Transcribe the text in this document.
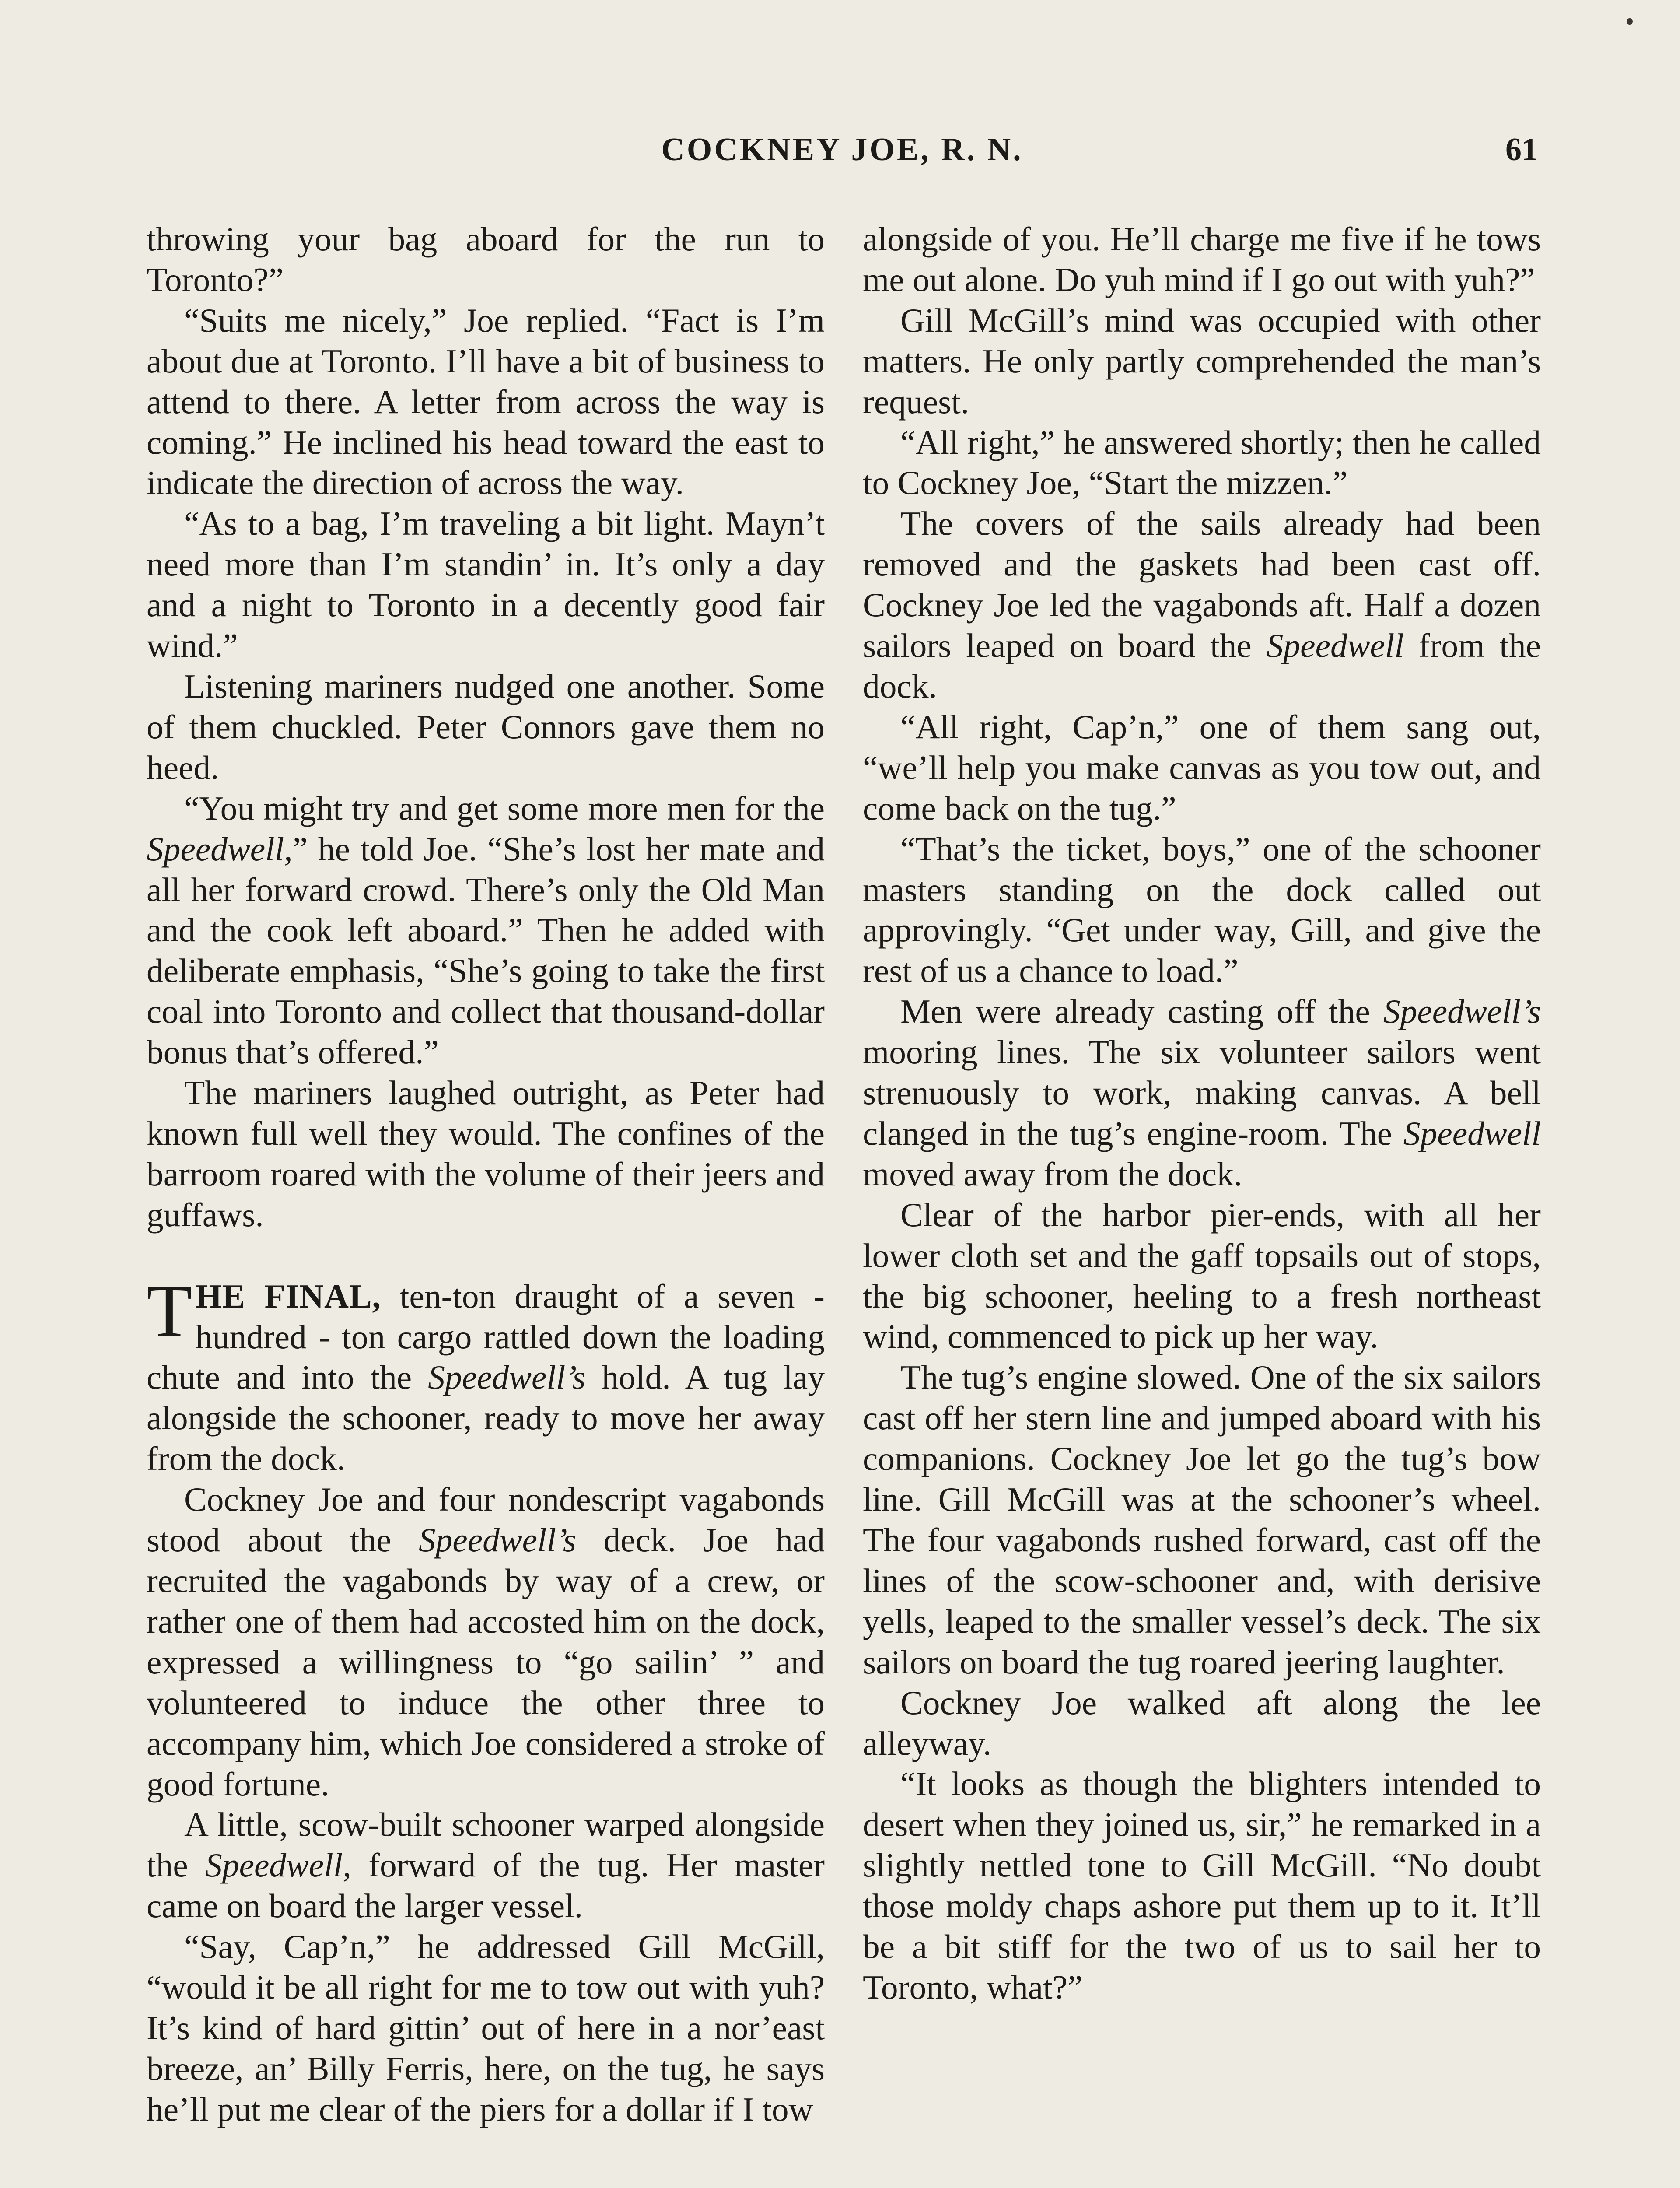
COCKNEY JOE, R. N.	61

throwing your bag aboard for the run to Toronto?”

“Suits me nicely,” Joe replied. “Fact is I’m about due at Toronto. I’ll have a bit of business to attend to there. A letter from across the way is coming.” He inclined his head toward the east to indicate the direction of across the way.

“As to a bag, I’m traveling a bit light. Mayn’t need more than I’m standin’ in. It’s only a day and a night to Toronto in a decently good fair wind.”

Listening mariners nudged one another. Some of them chuckled. Peter Connors gave them no heed.

“You might try and get some more men for the Speedwell,” he told Joe. “She’s lost her mate and all her forward crowd. There’s only the Old Man and the cook left aboard.” Then he added with deliberate emphasis, “She’s going to take the first coal into Toronto and collect that thousand-dollar bonus that’s offered.”

The mariners laughed outright, as Peter had known full well they would. The confines of the barroom roared with the volume of their jeers and guffaws.

THE FINAL, ten-ton draught of a seven - hundred - ton cargo rattled down the loading chute and into the Speedwell’s hold. A tug lay alongside the schooner, ready to move her away from the dock.

Cockney Joe and four nondescript vagabonds stood about the Speedwell’s deck. Joe had recruited the vagabonds by way of a crew, or rather one of them had accosted him on the dock, expressed a willingness to “go sailin’ ” and volunteered to induce the other three to accompany him, which Joe considered a stroke of good fortune.

A little, scow-built schooner warped alongside the Speedwell, forward of the tug. Her master came on board the larger vessel.

“Say, Cap’n,” he addressed Gill McGill, “would it be all right for me to tow out with yuh? It’s kind of hard gittin’ out of here in a nor’east breeze, an’ Billy Ferris, here, on the tug, he says he’ll put me clear of the piers for a dollar if I tow

alongside of you. He’ll charge me five if he tows me out alone. Do yuh mind if I go out with yuh?”

Gill McGill’s mind was occupied with other matters. He only partly comprehended the man’s request.

“All right,” he answered shortly; then he called to Cockney Joe, “Start the mizzen.”

The covers of the sails already had been removed and the gaskets had been cast off. Cockney Joe led the vagabonds aft. Half a dozen sailors leaped on board the Speedwell from the dock.

“All right, Cap’n,” one of them sang out, “we’ll help you make canvas as you tow out, and come back on the tug.”

“That’s the ticket, boys,” one of the schooner masters standing on the dock called out approvingly. “Get under way, Gill, and give the rest of us a chance to load.”

Men were already casting off the Speedwell’s mooring lines. The six volunteer sailors went strenuously to work, making canvas. A bell clanged in the tug’s engine-room. The Speedwell moved away from the dock.

Clear of the harbor pier-ends, with all her lower cloth set and the gaff topsails out of stops, the big schooner, heeling to a fresh northeast wind, commenced to pick up her way.

The tug’s engine slowed. One of the six sailors cast off her stern line and jumped aboard with his companions. Cockney Joe let go the tug’s bow line. Gill McGill was at the schooner’s wheel. The four vagabonds rushed forward, cast off the lines of the scow-schooner and, with derisive yells, leaped to the smaller vessel’s deck. The six sailors on board the tug roared jeering laughter.

Cockney Joe walked aft along the lee alleyway.

“It looks as though the blighters intended to desert when they joined us, sir,” he remarked in a slightly nettled tone to Gill McGill. “No doubt those moldy chaps ashore put them up to it. It’ll be a bit stiff for the two of us to sail her to Toronto, what?”
